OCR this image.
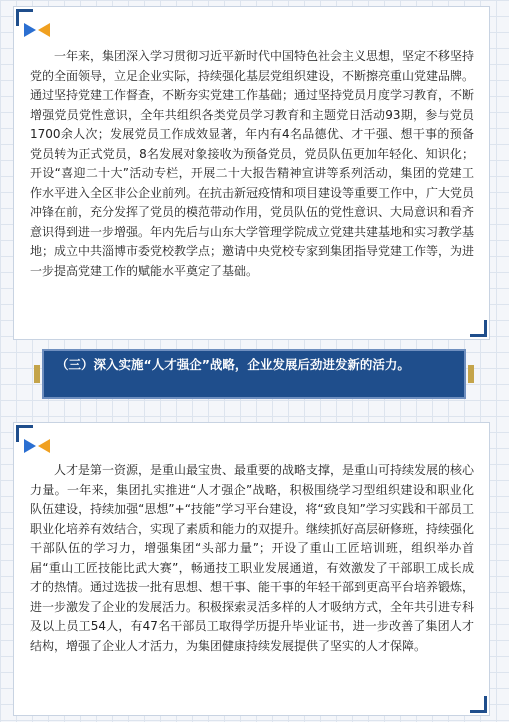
一年来，集团深入学习贯彻习近平新时代中国特色社会主义思想，坚定不移坚持党的全面领导，立足企业实际，持续强化基层党组织建设，不断擦亮重山党建品牌。通过坚持党建工作督查，不断夯实党建工作基础；通过坚持党员月度学习教育，不断增强党员党性意识，全年共组织各类党员学习教育和主题党日活动93期，参与党员1700余人次；发展党员工作成效显著，年内有4名品德优、才干强、想干事的预备党员转为正式党员，8名发展对象接收为预备党员，党员队伍更加年轻化、知识化；开设“喜迎二十大”活动专栏，开展二十大报告精神宣讲等系列活动，集团的党建工作水平进入全区非公企业前列。在抗击新冠疫情和项目建设等重要工作中，广大党员冲锋在前，充分发挥了党员的模范带动作用，党员队伍的党性意识、大局意识和看齐意识得到进一步增强。年内先后与山东大学管理学院成立党建共建基地和实习教学基地；成立中共淄博市委党校教学点；邀请中央党校专家到集团指导党建工作等，为进一步提高党建工作的赋能水平奠定了基础。

（三）深入实施“人才强企”战略，企业发展后劲进发新的活力。

人才是第一资源，是重山最宝贵、最重要的战略支撑，是重山可持续发展的核心力量。一年来，集团扎实推进“人才强企”战略，积极围绕学习型组织建设和职业化队伍建设，持续加强“思想”+“技能”学习平台建设，将“致良知”学习实践和干部员工职业化培养有效结合，实现了素质和能力的双提升。继续抓好高层研修班，持续强化干部队伍的学习力，增强集团“头部力量”；开设了重山工匠培训班，组织举办首届“重山工匠技能比武大赛”，畅通技工职业发展通道，有效激发了干部职工成长成才的热情。通过选拔一批有思想、想干事、能干事的年轻干部到更高平台培养锻炼，进一步激发了企业的发展活力。积极探索灵活多样的人才吸纳方式，全年共引进专科及以上员工54人，有47名干部员工取得学历提升毕业证书，进一步改善了集团人才结构，增强了企业人才活力，为集团健康持续发展提供了坚实的人才保障。
